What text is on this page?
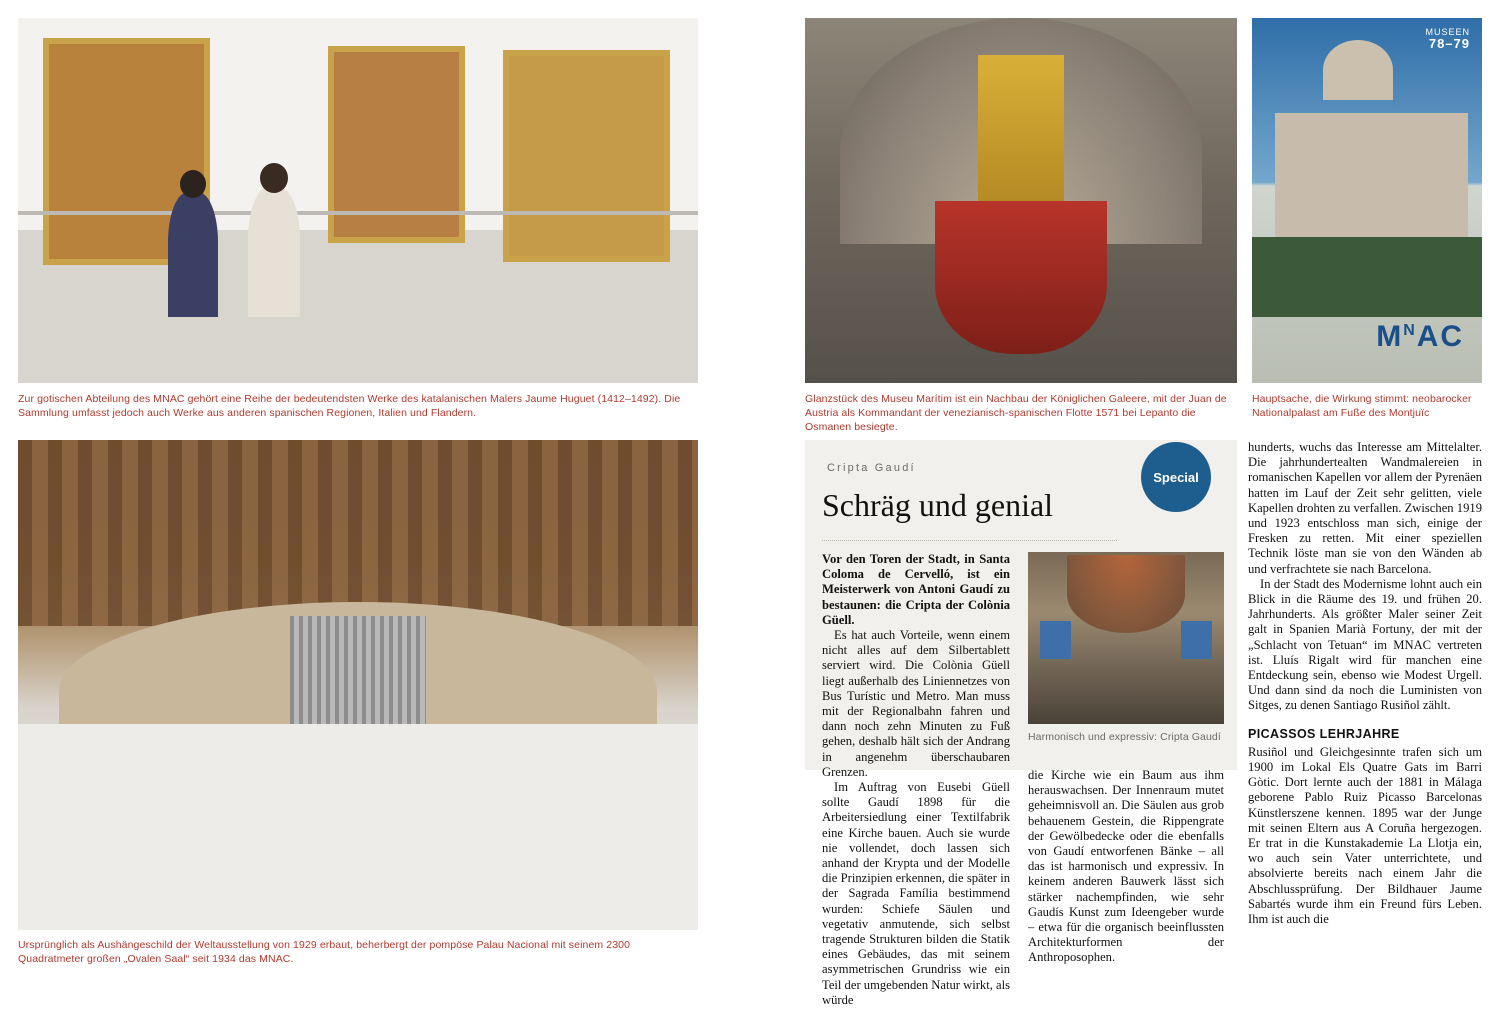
Zur gotischen Abteilung des MNAC gehört eine Reihe der bedeutendsten Werke des katalanischen Malers Jaume Huguet (1412–1492). Die Sammlung umfasst jedoch auch Werke aus anderen spanischen Regionen, Italien und Flandern.
Ursprünglich als Aushängeschild der Weltausstellung von 1929 erbaut, beherbergt der pompöse Palau Nacional mit seinem 2300 Quadratmeter großen „Ovalen Saal“ seit 1934 das MNAC.
Glanzstück des Museu Marítim ist ein Nachbau der Königlichen Galeere, mit der Juan de Austria als Kommandant der venezianisch-spanischen Flotte 1571 bei Lepanto die Osmanen besiegte.
$M^NAC$
MUSEEN
78–79
Hauptsache, die Wirkung stimmt: neobarocker Nationalpalast am Fuße des Montjuïc
Cripta Gaudí
Special
Schräg und genial

Vor den Toren der Stadt, in Santa Coloma de Cervelló, ist ein Meisterwerk von Antoni Gaudí zu bestaunen: die Cripta der Colònia Güell.

Es hat auch Vorteile, wenn einem nicht alles auf dem Silbertablett serviert wird. Die Colònia Güell liegt außerhalb des Liniennetzes von Bus Turístic und Metro. Man muss mit der Regionalbahn fahren und dann noch zehn Minuten zu Fuß gehen, deshalb hält sich der Andrang in angenehm überschaubaren Grenzen.

Im Auftrag von Eusebi Güell sollte Gaudí 1898 für die Arbeitersiedlung einer Textilfabrik eine Kirche bauen. Auch sie wurde nie vollendet, doch lassen sich anhand der Krypta und der Modelle die Prinzipien erkennen, die später in der Sagrada Família bestimmend wurden: Schiefe Säulen und vegetativ anmutende, sich selbst tragende Strukturen bilden die Statik eines Gebäudes, das mit seinem asymmetrischen Grundriss wie ein Teil der umgebenden Natur wirkt, als würde

Harmonisch und expressiv: Cripta Gaudí

die Kirche wie ein Baum aus ihm herauswachsen. Der Innenraum mutet geheimnisvoll an. Die Säulen aus grob behauenem Gestein, die Rippengrate der Gewölbedecke oder die ebenfalls von Gaudí entworfenen Bänke – all das ist harmonisch und expressiv. In keinem anderen Bauwerk lässt sich stärker nachempfinden, wie sehr Gaudís Kunst zum Ideengeber wurde – etwa für die organisch beeinflussten Architekturformen der Anthroposophen.

hunderts, wuchs das Interesse am Mittelalter. Die jahrhundertealten Wandmalereien in romanischen Kapellen vor allem der Pyrenäen hatten im Lauf der Zeit sehr gelitten, viele Kapellen drohten zu verfallen. Zwischen 1919 und 1923 entschloss man sich, einige der Fresken zu retten. Mit einer speziellen Technik löste man sie von den Wänden ab und verfrachtete sie nach Barcelona.

In der Stadt des Modernisme lohnt auch ein Blick in die Räume des 19. und frühen 20. Jahrhunderts. Als größter Maler seiner Zeit galt in Spanien Marià Fortuny, der mit der „Schlacht von Tetuan“ im MNAC vertreten ist. Lluís Rigalt wird für manchen eine Entdeckung sein, ebenso wie Modest Urgell. Und dann sind da noch die Luministen von Sitges, zu denen Santiago Rusiñol zählt.

PICASSOS LEHRJAHRE

Rusiñol und Gleichgesinnte trafen sich um 1900 im Lokal Els Quatre Gats im Barri Gòtic. Dort lernte auch der 1881 in Málaga geborene Pablo Ruiz Picasso Barcelonas Künstlerszene kennen. 1895 war der Junge mit seinen Eltern aus A Coruña hergezogen. Er trat in die Kunstakademie La Llotja ein, wo auch sein Vater unterrichtete, und absolvierte bereits nach einem Jahr die Abschlussprüfung. Der Bildhauer Jaume Sabartés wurde ihm ein Freund fürs Leben. Ihm ist auch die
